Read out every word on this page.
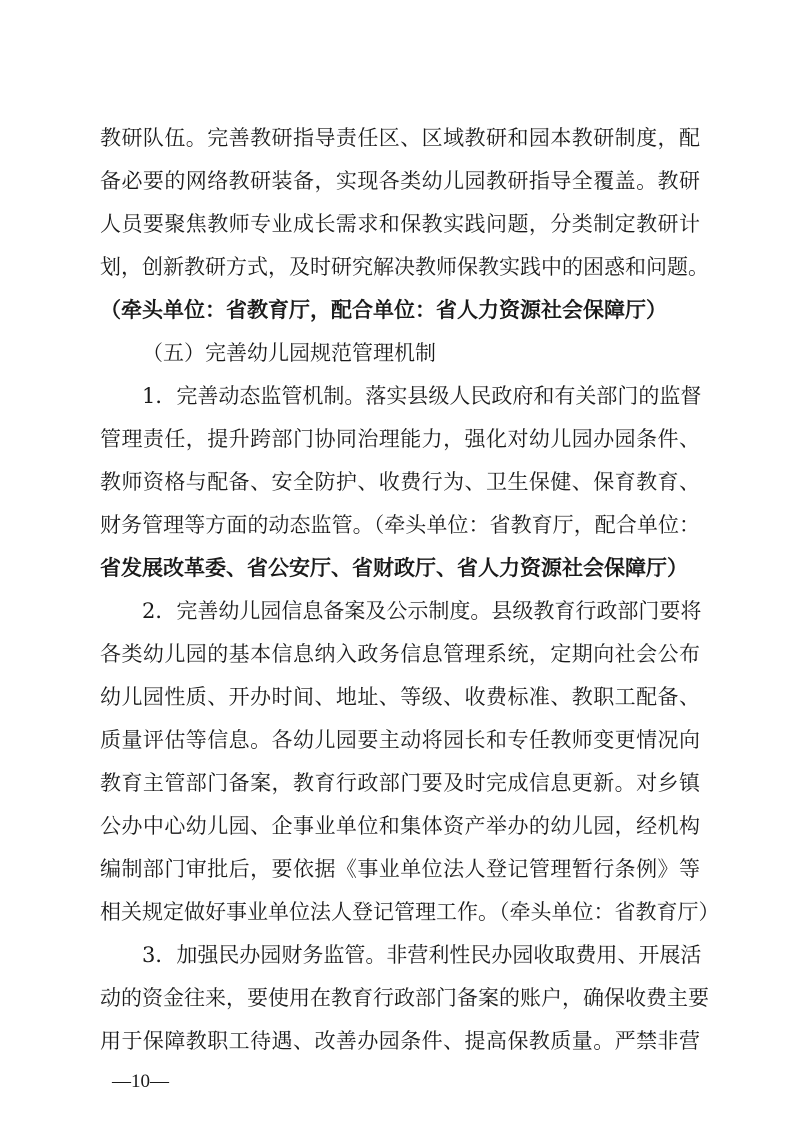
教研队伍。完善教研指导责任区、区域教研和园本教研制度，配
备必要的网络教研装备，实现各类幼儿园教研指导全覆盖。教研
人员要聚焦教师专业成长需求和保教实践问题，分类制定教研计
划，创新教研方式，及时研究解决教师保教实践中的困惑和问题。
（牵头单位：省教育厅，配合单位：省人力资源社会保障厅）
（五）完善幼儿园规范管理机制
1．完善动态监管机制。落实县级人民政府和有关部门的监督
管理责任，提升跨部门协同治理能力，强化对幼儿园办园条件、
教师资格与配备、安全防护、收费行为、卫生保健、保育教育、
财务管理等方面的动态监管。（牵头单位：省教育厅，配合单位：
省发展改革委、省公安厅、省财政厅、省人力资源社会保障厅）
2．完善幼儿园信息备案及公示制度。县级教育行政部门要将
各类幼儿园的基本信息纳入政务信息管理系统，定期向社会公布
幼儿园性质、开办时间、地址、等级、收费标准、教职工配备、
质量评估等信息。各幼儿园要主动将园长和专任教师变更情况向
教育主管部门备案，教育行政部门要及时完成信息更新。对乡镇
公办中心幼儿园、企事业单位和集体资产举办的幼儿园，经机构
编制部门审批后，要依据《事业单位法人登记管理暂行条例》等
相关规定做好事业单位法人登记管理工作。（牵头单位：省教育厅）
3．加强民办园财务监管。非营利性民办园收取费用、开展活
动的资金往来，要使用在教育行政部门备案的账户，确保收费主要
用于保障教职工待遇、改善办园条件、提高保教质量。严禁非营
—10—
